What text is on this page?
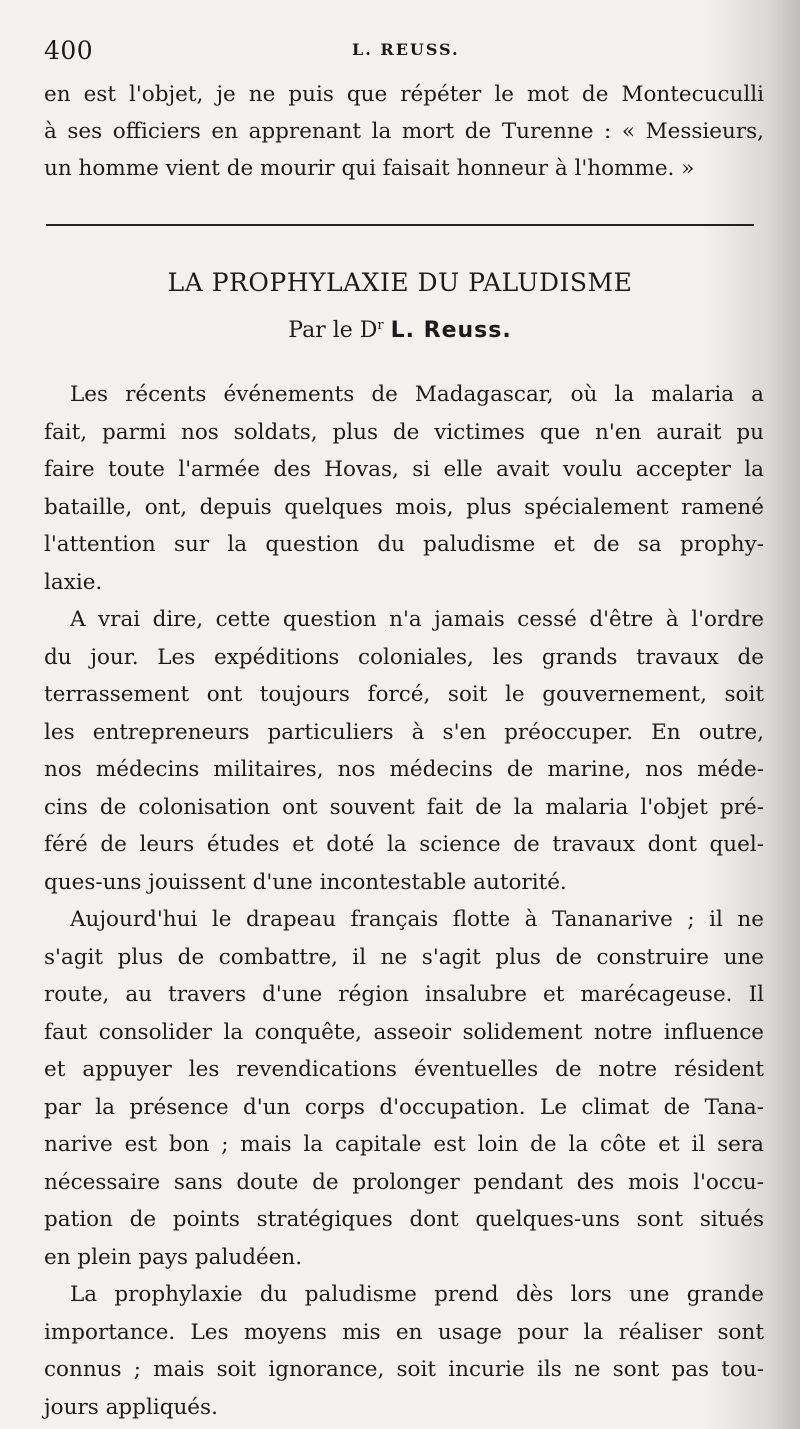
400	L. REUSS.
en est l'objet, je ne puis que répéter le mot de Montecuculli
à ses officiers en apprenant la mort de Turenne : « Messieurs,
un homme vient de mourir qui faisait honneur à l'homme. »
LA PROPHYLAXIE DU PALUDISME
Par le $D^r$ L. Reuss.
Les récents événements de Madagascar, où la malaria a
fait, parmi nos soldats, plus de victimes que n'en aurait pu
faire toute l'armée des Hovas, si elle avait voulu accepter la
bataille, ont, depuis quelques mois, plus spécialement ramené
l'attention sur la question du paludisme et de sa prophy-
laxie.
A vrai dire, cette question n'a jamais cessé d'être à l'ordre
du jour. Les expéditions coloniales, les grands travaux de
terrassement ont toujours forcé, soit le gouvernement, soit
les entrepreneurs particuliers à s'en préoccuper. En outre,
nos médecins militaires, nos médecins de marine, nos méde-
cins de colonisation ont souvent fait de la malaria l'objet pré-
féré de leurs études et doté la science de travaux dont quel-
ques-uns jouissent d'une incontestable autorité.
Aujourd'hui le drapeau français flotte à Tananarive ; il ne
s'agit plus de combattre, il ne s'agit plus de construire une
route, au travers d'une région insalubre et marécageuse. Il
faut consolider la conquête, asseoir solidement notre influence
et appuyer les revendications éventuelles de notre résident
par la présence d'un corps d'occupation. Le climat de Tana-
narive est bon ; mais la capitale est loin de la côte et il sera
nécessaire sans doute de prolonger pendant des mois l'occu-
pation de points stratégiques dont quelques-uns sont situés
en plein pays paludéen.
La prophylaxie du paludisme prend dès lors une grande
importance. Les moyens mis en usage pour la réaliser sont
connus ; mais soit ignorance, soit incurie ils ne sont pas tou-
jours appliqués.
